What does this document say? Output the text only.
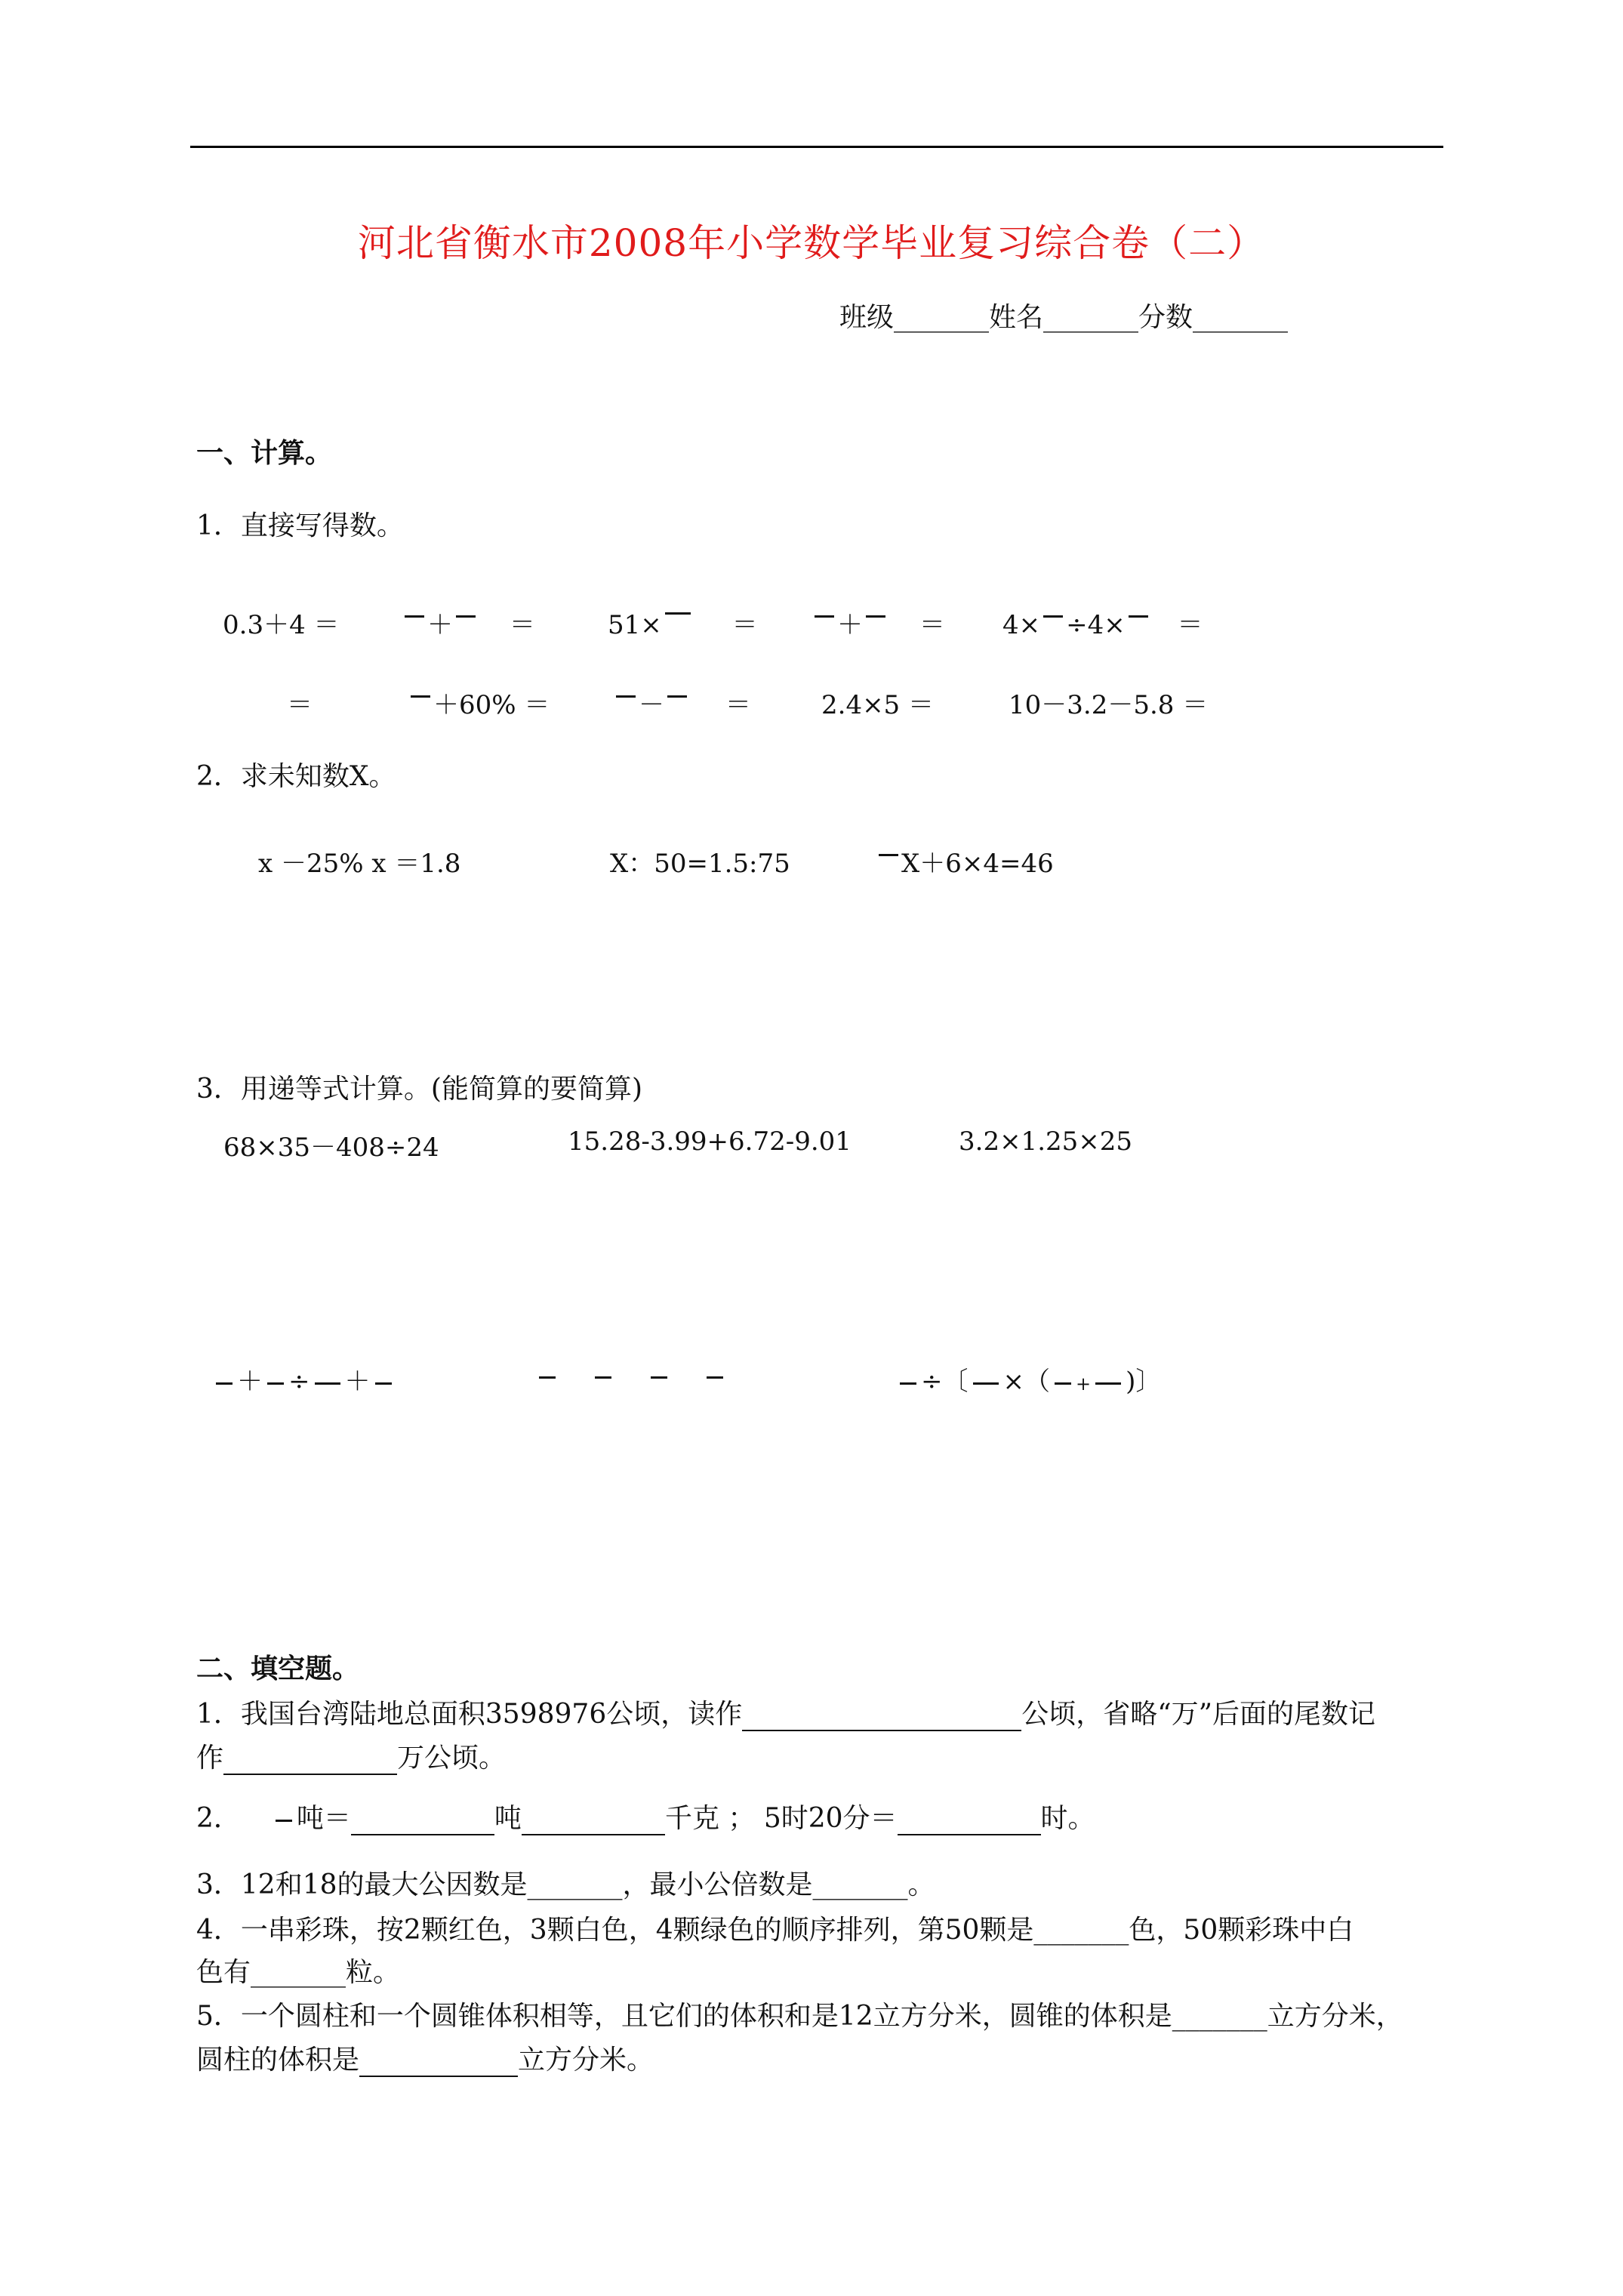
河北省衡水市2008年小学数学毕业复习综合卷（二）
班级_______姓名_______分数_______
一、计算。
1．直接写得数。
0.3＋4 ＝	＋ ＝	51×	＝	＋ ＝ 4× ÷4× ＝
＝	＋60% ＝	－ ＝	2.4×5 ＝	10－3.2－5.8 ＝
2．求未知数X。
x －25% x ＝1.8	X：50=1.5:75	X＋6×4=46
3．用递等式计算。(能简算的要简算)
68×35－408÷24	15.28-3.99+6.72-9.01	3.2×1.25×25
＋ ÷ ＋	÷〔 ×（ + )〕
二、填空题。
1．我国台湾陆地总面积3598976公顷，读作	公顷，省略“万”后面的尾数记
作	万公顷。
2． 吨＝	吨	千克 ； 5时20分＝	时。
3．12和18的最大公因数是_______，最小公倍数是_______。
4．一串彩珠，按2颗红色，3颗白色，4颗绿色的顺序排列，第50颗是_______色，50颗彩珠中白
色有_______粒。
5．一个圆柱和一个圆锥体积相等，且它们的体积和是12立方分米，圆锥的体积是_______立方分米，
圆柱的体积是	立方分米。
